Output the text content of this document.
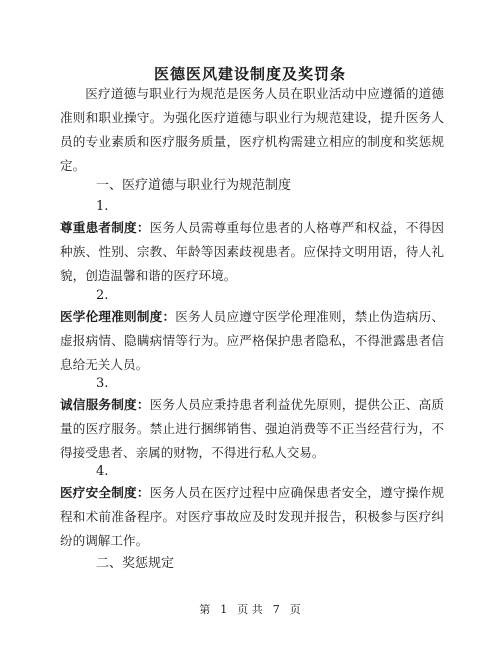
医德医风建设制度及奖罚条
医疗道德与职业行为规范是医务人员在职业活动中应遵循的道德准则和职业操守。为强化医疗道德与职业行为规范建设，提升医务人员的专业素质和医疗服务质量，医疗机构需建立相应的制度和奖惩规定。
一、医疗道德与职业行为规范制度
1.
尊重患者制度：医务人员需尊重每位患者的人格尊严和权益，不得因种族、性别、宗教、年龄等因素歧视患者。应保持文明用语，待人礼貌，创造温馨和谐的医疗环境。
2.
医学伦理准则制度：医务人员应遵守医学伦理准则，禁止伪造病历、虚报病情、隐瞒病情等行为。应严格保护患者隐私，不得泄露患者信息给无关人员。
3.
诚信服务制度：医务人员应秉持患者利益优先原则，提供公正、高质量的医疗服务。禁止进行捆绑销售、强迫消费等不正当经营行为，不得接受患者、亲属的财物，不得进行私人交易。
4.
医疗安全制度：医务人员在医疗过程中应确保患者安全，遵守操作规程和术前准备程序。对医疗事故应及时发现并报告，积极参与医疗纠纷的调解工作。
二、奖惩规定
第 1 页 共 7 页
